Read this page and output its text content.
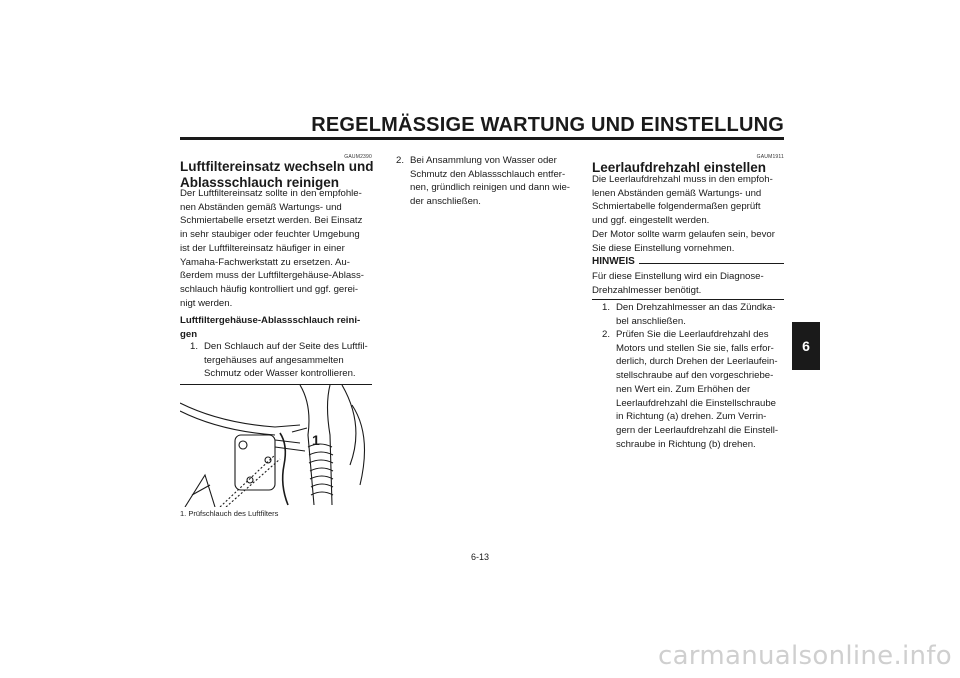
REGELMÄSSIGE WARTUNG UND EINSTELLUNG
6
GAUM2390
Luftfiltereinsatz wechseln und
Ablassschlauch reinigen
Der Luftfiltereinsatz sollte in den empfohle-
nen Abständen gemäß Wartungs- und
Schmiertabelle ersetzt werden. Bei Einsatz
in sehr staubiger oder feuchter Umgebung
ist der Luftfiltereinsatz häufiger in einer
Yamaha-Fachwerkstatt zu ersetzen. Au-
ßerdem muss der Luftfiltergehäuse-Ablass-
schlauch häufig kontrolliert und ggf. gerei-
nigt werden.
Luftfiltergehäuse-Ablassschlauch reini-
gen
1. Den Schlauch auf der Seite des Luftfil-
tergehäuses auf angesammelten
Schmutz oder Wasser kontrollieren.
1
1. Prüfschlauch des Luftfilters
2. Bei Ansammlung von Wasser oder
Schmutz den Ablassschlauch entfer-
nen, gründlich reinigen und dann wie-
der anschließen.
GAUM1911
Leerlaufdrehzahl einstellen
Die Leerlaufdrehzahl muss in den empfoh-
lenen Abständen gemäß Wartungs- und
Schmiertabelle folgendermaßen geprüft
und ggf. eingestellt werden.
Der Motor sollte warm gelaufen sein, bevor
Sie diese Einstellung vornehmen.
HINWEIS
Für diese Einstellung wird ein Diagnose-
Drehzahlmesser benötigt.
1. Den Drehzahlmesser an das Zündka-
bel anschließen.
2. Prüfen Sie die Leerlaufdrehzahl des
Motors und stellen Sie sie, falls erfor-
derlich, durch Drehen der Leerlaufein-
stellschraube auf den vorgeschriebe-
nen Wert ein. Zum Erhöhen der
Leerlaufdrehzahl die Einstellschraube
in Richtung (a) drehen. Zum Verrin-
gern der Leerlaufdrehzahl die Einstell-
schraube in Richtung (b) drehen.
6-13
carmanualsonline.info
